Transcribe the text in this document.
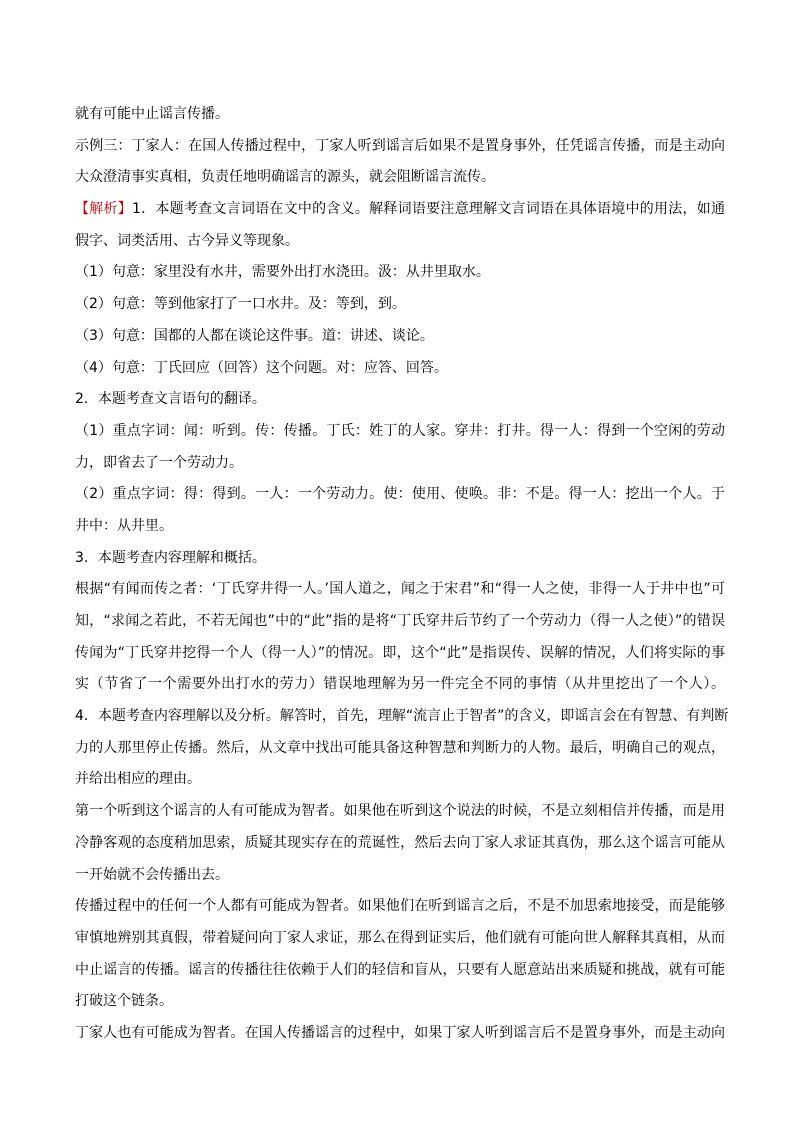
就有可能中止谣言传播。
示例三：丁家人：在国人传播过程中，丁家人听到谣言后如果不是置身事外，任凭谣言传播，而是主动向
大众澄清事实真相，负责任地明确谣言的源头，就会阻断谣言流传。
【解析】1．本题考查文言词语在文中的含义。解释词语要注意理解文言词语在具体语境中的用法，如通
假字、词类活用、古今异义等现象。
（1）句意：家里没有水井，需要外出打水浇田。汲：从井里取水。
（2）句意：等到他家打了一口水井。及：等到，到。
（3）句意：国都的人都在谈论这件事。道：讲述、谈论。
（4）句意：丁氏回应（回答）这个问题。对：应答、回答。
2．本题考查文言语句的翻译。
（1）重点字词：闻：听到。传：传播。丁氏：姓丁的人家。穿井：打井。得一人：得到一个空闲的劳动
力，即省去了一个劳动力。
（2）重点字词：得：得到。一人：一个劳动力。使：使用、使唤。非：不是。得一人：挖出一个人。于
井中：从井里。
3．本题考查内容理解和概括。
根据“有闻而传之者：‘丁氏穿井得一人。’国人道之，闻之于宋君”和“得一人之使，非得一人于井中也”可
知，“求闻之若此，不若无闻也”中的“此”指的是将“丁氏穿井后节约了一个劳动力（得一人之使）”的错误
传闻为“丁氏穿井挖得一个人（得一人）”的情况。即，这个“此”是指误传、误解的情况，人们将实际的事
实（节省了一个需要外出打水的劳力）错误地理解为另一件完全不同的事情（从井里挖出了一个人）。
4．本题考查内容理解以及分析。解答时，首先，理解“流言止于智者”的含义，即谣言会在有智慧、有判断
力的人那里停止传播。然后，从文章中找出可能具备这种智慧和判断力的人物。最后，明确自己的观点，
并给出相应的理由。
第一个听到这个谣言的人有可能成为智者。如果他在听到这个说法的时候，不是立刻相信并传播，而是用
冷静客观的态度稍加思索，质疑其现实存在的荒诞性，然后去向丁家人求证其真伪，那么这个谣言可能从
一开始就不会传播出去。
传播过程中的任何一个人都有可能成为智者。如果他们在听到谣言之后，不是不加思索地接受，而是能够
审慎地辨别其真假，带着疑问向丁家人求证，那么在得到证实后，他们就有可能向世人解释其真相，从而
中止谣言的传播。谣言的传播往往依赖于人们的轻信和盲从，只要有人愿意站出来质疑和挑战，就有可能
打破这个链条。
丁家人也有可能成为智者。在国人传播谣言的过程中，如果丁家人听到谣言后不是置身事外，而是主动向
